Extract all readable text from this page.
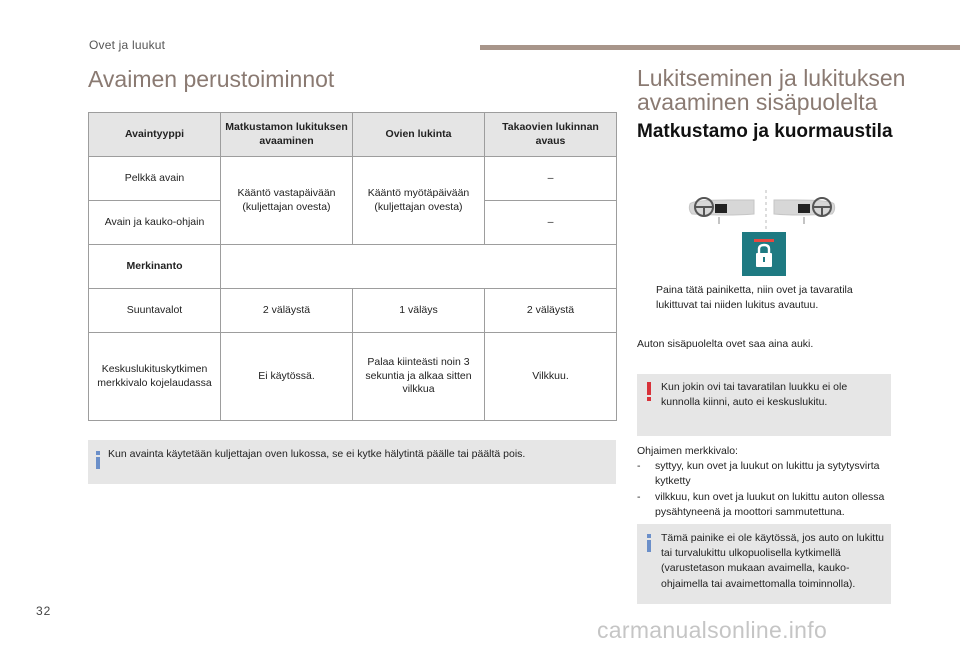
Ovet ja luukut
Avaimen perustoiminnot
Avaintyyppi	Matkustamon lukituksen avaaminen	Ovien lukinta	Takaovien lukinnan avaus
Pelkkä avain	Kääntö vastapäivään (kuljettajan ovesta)	Kääntö myötäpäivään (kuljettajan ovesta)	–
Avain ja kauko-ohjain			–
Merkinanto			
Suuntavalot	2 väläystä	1 väläys	2 väläystä
Keskuslukituskytkimen merkkivalo kojelaudassa	Ei käytössä.	Palaa kiinteästi noin 3 sekuntia ja alkaa sitten vilkkua	Vilkkuu.
Kun avainta käytetään kuljettajan oven lukossa, se ei kytke hälytintä päälle tai päältä pois.
Lukitseminen ja lukituksen
avaaminen sisäpuolelta
Matkustamo ja kuormaustila
Paina tätä painiketta, niin ovet ja tavaratila lukittuvat tai niiden lukitus avautuu.
Auton sisäpuolelta ovet saa aina auki.
Kun jokin ovi tai tavaratilan luukku ei ole kunnolla kiinni, auto ei keskuslukitu.
Ohjaimen merkkivalo:
- syttyy, kun ovet ja luukut on lukittu ja sytytysvirta kytketty
- vilkkuu, kun ovet ja luukut on lukittu auton ollessa pysähtyneenä ja moottori sammutettuna.
Tämä painike ei ole käytössä, jos auto on lukittu tai turvalukittu ulkopuolisella kytkimellä (varustetason mukaan avaimella, kauko-ohjaimella tai avaimettomalla toiminnolla).
32
carmanualsonline.info
